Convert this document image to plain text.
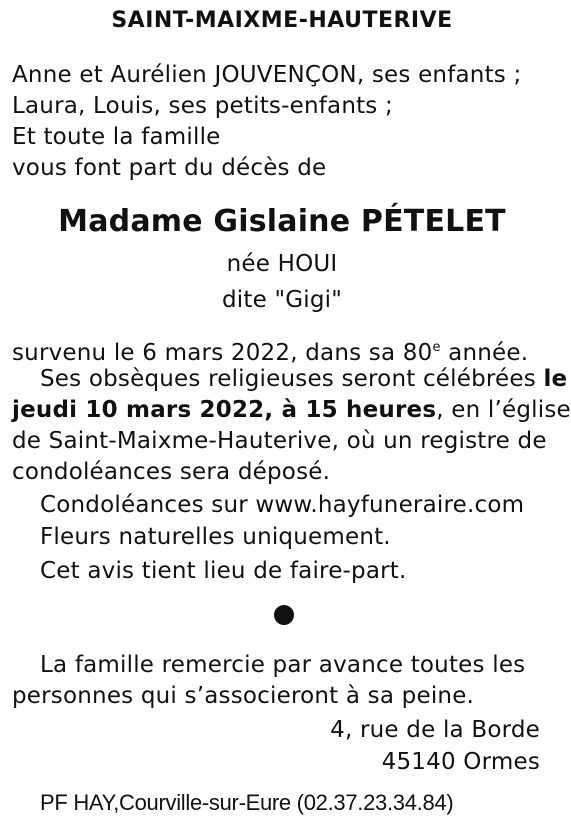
SAINT-MAIXME-HAUTERIVE
Anne et Aurélien JOUVENÇON, ses enfants ;
Laura, Louis, ses petits-enfants ;
Et toute la famille
vous font part du décès de
Madame Gislaine PÉTELET
née HOUI
dite "Gigi"
survenu le 6 mars 2022, dans sa 80e année.
Ses obsèques religieuses seront célébrées le
jeudi 10 mars 2022, à 15 heures, en l’église
de Saint-Maixme-Hauterive, où un registre de
condoléances sera déposé.
Condoléances sur www.hayfuneraire.com
Fleurs naturelles uniquement.
Cet avis tient lieu de faire-part.
La famille remercie par avance toutes les
personnes qui s’associeront à sa peine.
4, rue de la Borde
45140 Ormes
PF HAY,Courville-sur-Eure (02.37.23.34.84)
